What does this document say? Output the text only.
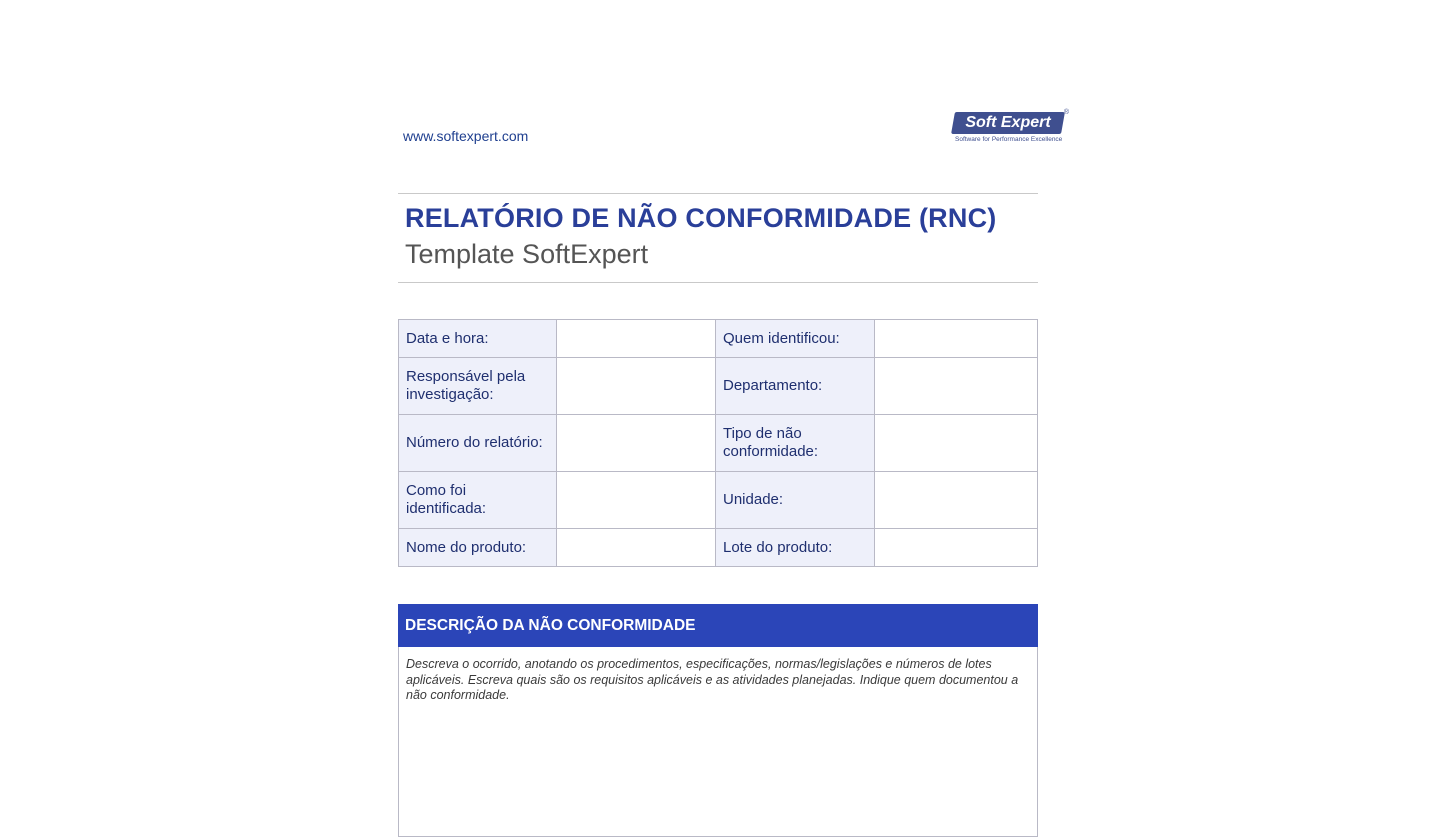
www.softexpert.com
Soft Expert
®
Software for Performance Excellence
RELATÓRIO DE NÃO CONFORMIDADE (RNC)
Template SoftExpert
Data e hora:		Quem identificou:	
Responsável pela investigação:		Departamento:	
Número do relatório:		Tipo de não conformidade:	
Como foi identificada:		Unidade:	
Nome do produto:		Lote do produto:	
DESCRIÇÃO DA NÃO CONFORMIDADE
Descreva o ocorrido, anotando os procedimentos, especificações, normas/legislações e números de lotes aplicáveis. Escreva quais são os requisitos aplicáveis e as atividades planejadas. Indique quem documentou a não conformidade.
